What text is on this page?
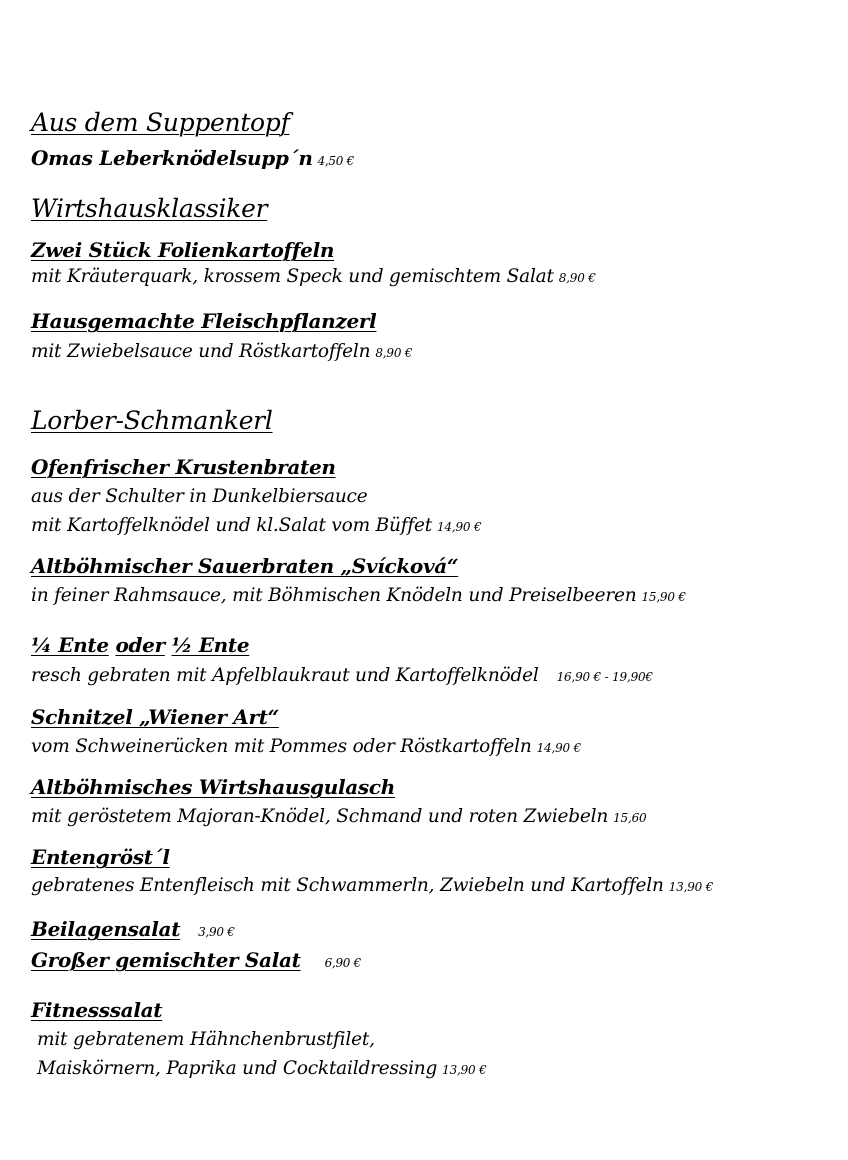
Aus dem Suppentopf
Omas Leberknödelsupp´n 4,50 €
Wirtshausklassiker
Zwei Stück Folienkartoffeln
mit Kräuterquark, krossem Speck und gemischtem Salat 8,90 €
Hausgemachte Fleischpflanzerl
mit Zwiebelsauce und Röstkartoffeln 8,90 €
Lorber-Schmankerl
Ofenfrischer Krustenbraten
aus der Schulter in Dunkelbiersauce
mit Kartoffelknödel und kl.Salat vom Büffet 14,90 €
Altböhmischer Sauerbraten „Svícková“
in feiner Rahmsauce, mit Böhmischen Knödeln und Preiselbeeren 15,90 €
¼ Ente oder ½ Ente
resch gebraten mit Apfelblaukraut und Kartoffelknödel 16,90 € - 19,90€
Schnitzel „Wiener Art“
vom Schweinerücken mit Pommes oder Röstkartoffeln 14,90 €
Altböhmisches Wirtshausgulasch
mit geröstetem Majoran-Knödel, Schmand und roten Zwiebeln 15,60
Entengröst´l
gebratenes Entenfleisch mit Schwammerln, Zwiebeln und Kartoffeln 13,90 €
Beilagensalat 3,90 €
Großer gemischter Salat 6,90 €
Fitnesssalat
mit gebratenem Hähnchenbrustfilet,
Maiskörnern, Paprika und Cocktaildressing 13,90 €
